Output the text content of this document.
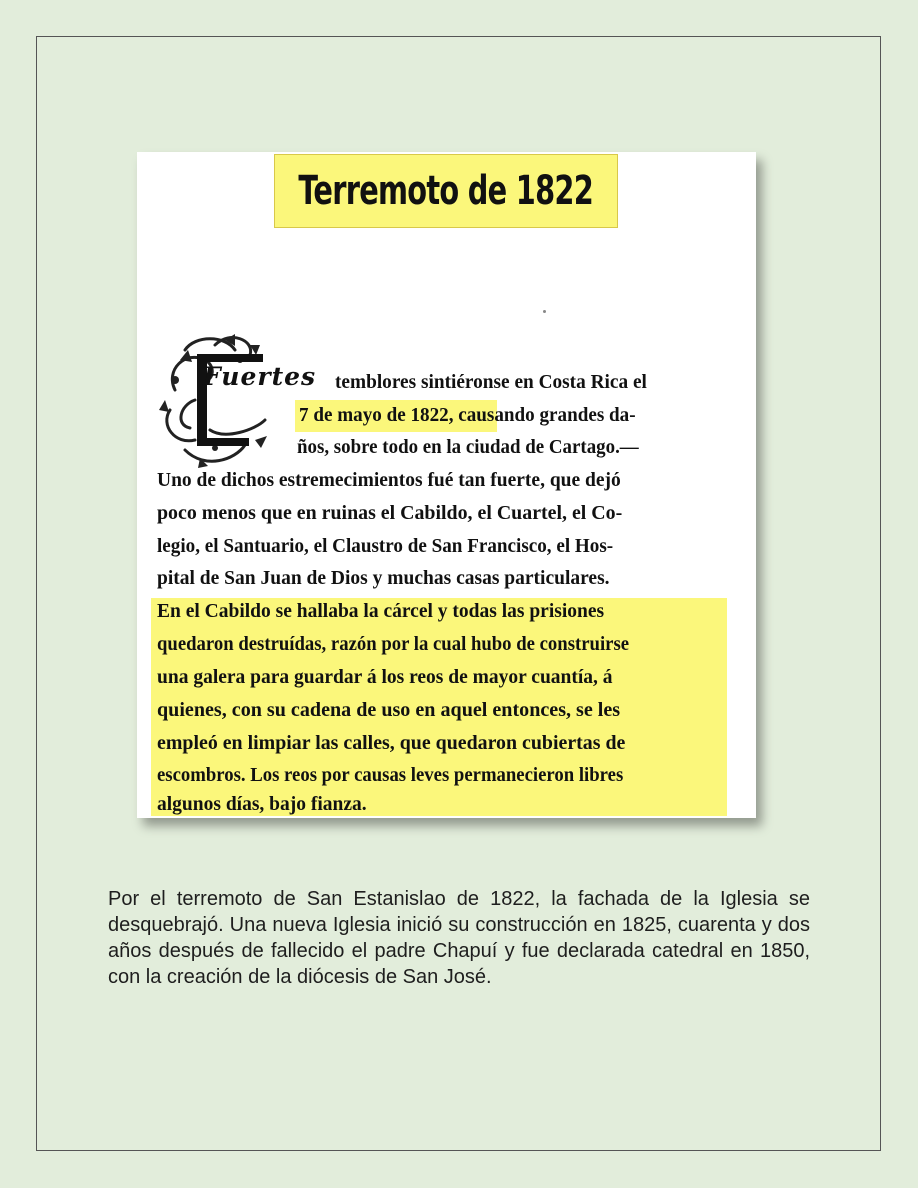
Terremoto de 1822
Fuertes temblores sintiéronse en Costa Rica el
7 de mayo de 1822, causando grandes da-
ños, sobre todo en la ciudad de Cartago.—
Uno de dichos estremecimientos fué tan fuerte, que dejó
poco menos que en ruinas el Cabildo, el Cuartel, el Co-
legio, el Santuario, el Claustro de San Francisco, el Hos-
pital de San Juan de Dios y muchas casas particulares.
En el Cabildo se hallaba la cárcel y todas las prisiones
quedaron destruídas, razón por la cual hubo de construirse
una galera para guardar á los reos de mayor cuantía, á
quienes, con su cadena de uso en aquel entonces, se les
empleó en limpiar las calles, que quedaron cubiertas de
escombros. Los reos por causas leves permanecieron libres
algunos días, bajo fianza.
Por el terremoto de San Estanislao de 1822, la fachada de la Iglesia se desquebrajó. Una nueva Iglesia inició su construcción en 1825, cuarenta y dos años después de fallecido el padre Chapuí y fue declarada catedral en 1850, con la creación de la diócesis de San José.
